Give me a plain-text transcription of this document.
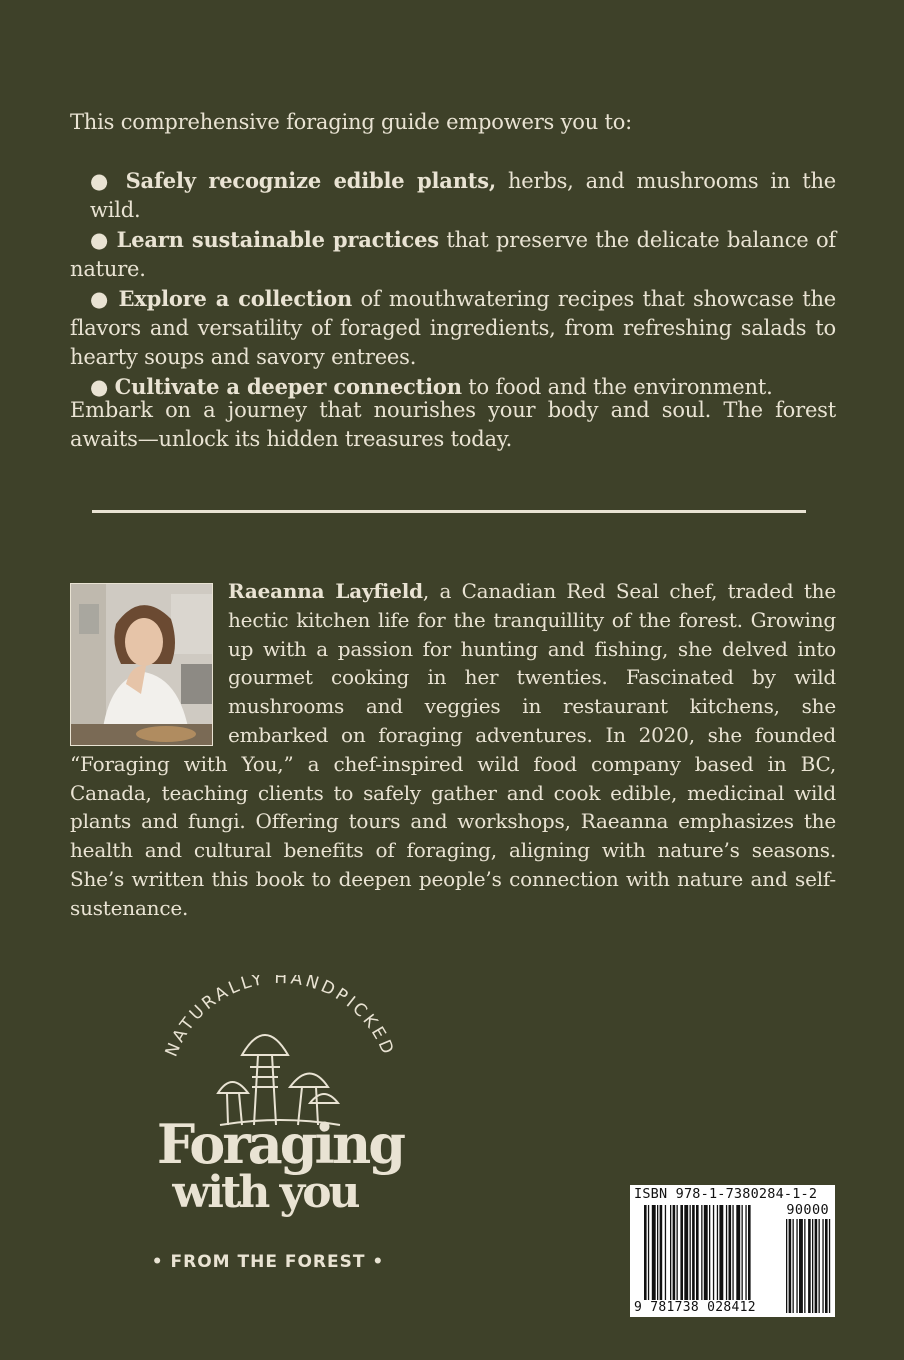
This comprehensive foraging guide empowers you to:

● Safely recognize edible plants, herbs, and mushrooms in the wild.

● Learn sustainable practices that preserve the delicate balance of nature.

● Explore a collection of mouthwatering recipes that showcase the flavors and versatility of foraged ingredients, from refreshing salads to hearty soups and savory entrees.

● Cultivate a deeper connection to food and the environment.

Embark on a journey that nourishes your body and soul. The forest awaits—unlock its hidden treasures today.

Raeanna Layfield, a Canadian Red Seal chef, traded the hectic kitchen life for the tranquillity of the forest. Growing up with a passion for hunting and fishing, she delved into gourmet cooking in her twenties. Fascinated by wild mushrooms and veggies in restaurant kitchens, she embarked on foraging adventures. In 2020, she founded “Foraging with You,” a chef-inspired wild food company based in BC, Canada, teaching clients to safely gather and cook edible, medicinal wild plants and fungi. Offering tours and workshops, Raeanna emphasizes the health and cultural benefits of foraging, aligning with nature’s seasons. She’s written this book to deepen people’s connection with nature and self-sustenance.

NATURALLY HANDPICKED
Foraging
with you
• FROM THE FOREST •
ISBN 978-1-7380284-1-2
90000
9 781738 028412
